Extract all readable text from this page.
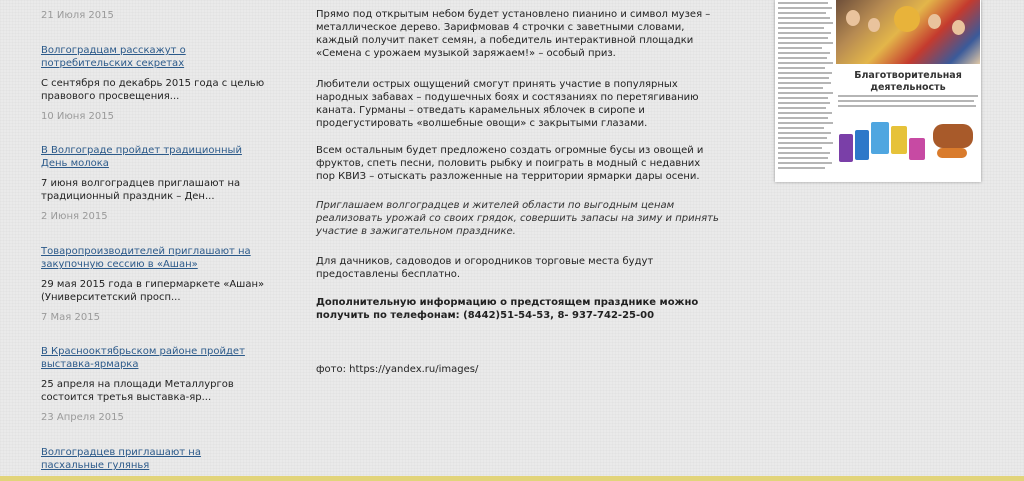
21 Июля 2015
Волгоградцам расскажут о потребительских секретах
С сентября по декабрь 2015 года с целью правового просвещения...
10 Июня 2015
В Волгограде пройдет традиционный День молока
7 июня волгоградцев приглашают на традиционный праздник – Ден...
2 Июня 2015
Товаропроизводителей приглашают на закупочную сессию в «Ашан»
29 мая 2015 года в гипермаркете «Ашан» (Университетский просп...
7 Мая 2015
В Краснооктябрьском районе пройдет выставка-ярмарка
25 апреля на площади Металлургов состоится третья выставка-яр...
23 Апреля 2015
Волгоградцев приглашают на пасхальные гулянья

Прямо под открытым небом будет установлено пианино и символ музея – металлическое дерево. Зарифмовав 4 строчки с заветными словами, каждый получит пакет семян, а победитель интерактивной площадки «Семена с урожаем музыкой заряжаем!» – особый приз.

Любители острых ощущений смогут принять участие в популярных народных забавах – подушечных боях и состязаниях по перетягиванию каната. Гурманы – отведать карамельных яблочек в сиропе и продегустировать «волшебные овощи» с закрытыми глазами.

Всем остальным будет предложено создать огромные бусы из овощей и фруктов, спеть песни, половить рыбку и поиграть в модный с недавних пор КВИЗ – отыскать разложенные на территории ярмарки дары осени.

Приглашаем волгоградцев и жителей области по выгодным ценам реализовать урожай со своих грядок, совершить запасы на зиму и принять участие в зажигательном празднике.

Для дачников, садоводов и огородников торговые места будут предоставлены бесплатно.

Дополнительную информацию о предстоящем празднике можно получить по телефонам: (8442)51-54-53, 8- 937-742-25-00

фото: https://yandex.ru/images/

Благотворительная деятельность
